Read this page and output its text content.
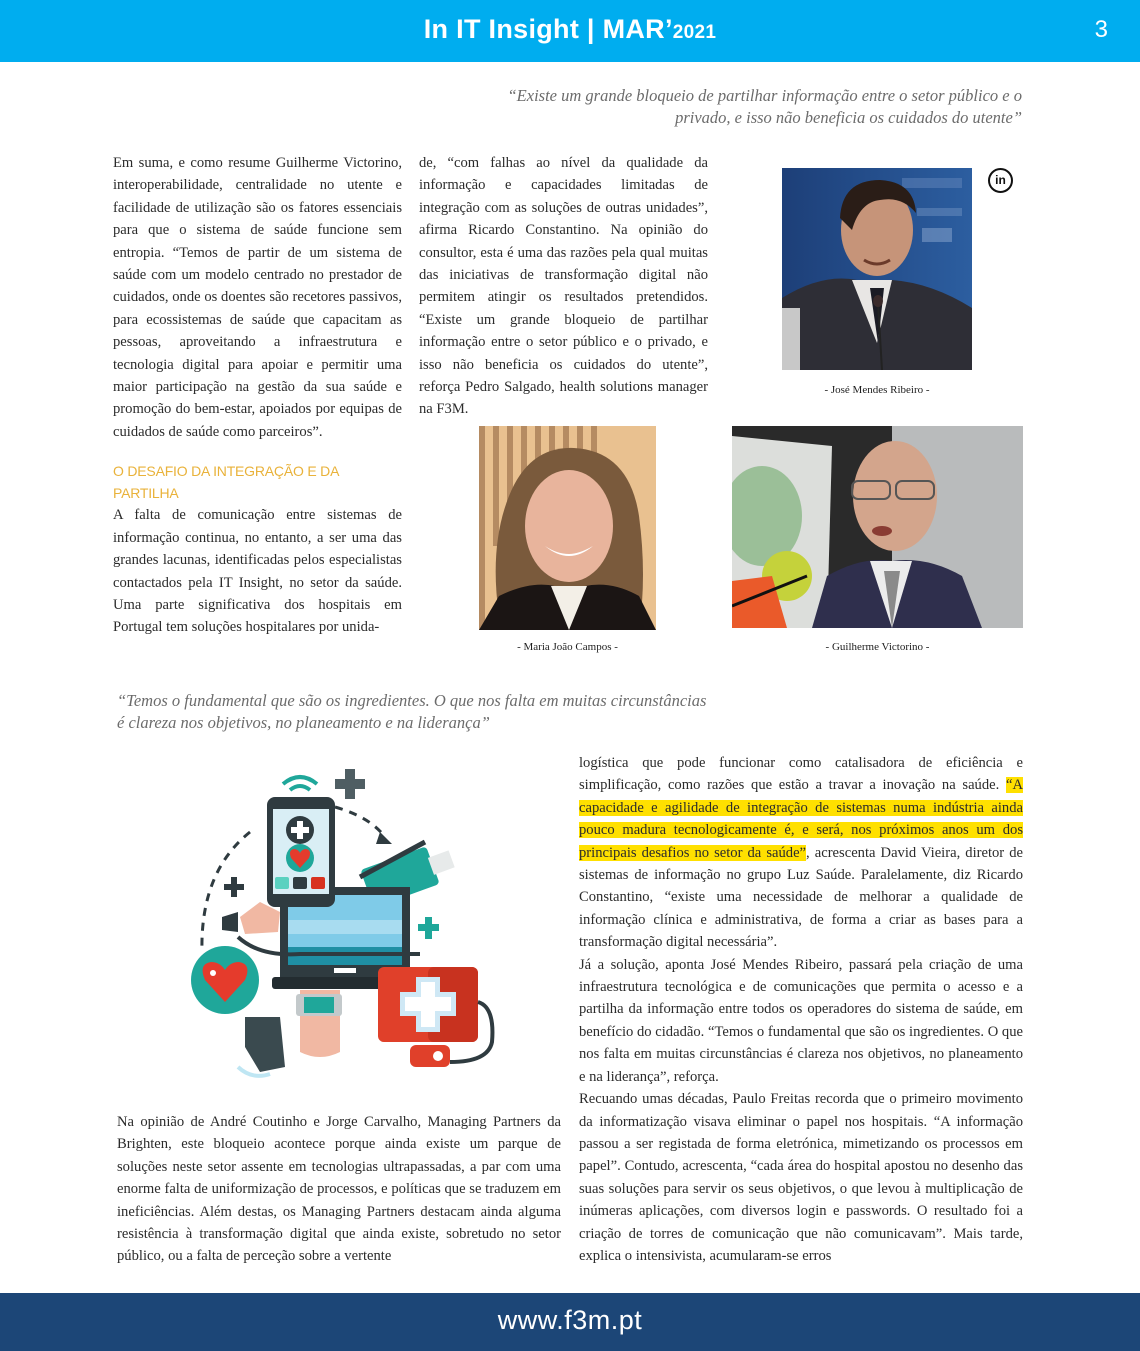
In IT Insight | MAR’2021	3
“Existe um grande bloqueio de partilhar informação entre o setor público e o
privado, e isso não beneficia os cuidados do utente”

Em suma, e como resume Guilherme Victorino, interoperabilidade, centralidade no utente e facilidade de utilização são os fatores essenciais para que o sistema de saúde funcione sem entropia. “Temos de partir de um sistema de saúde com um modelo centrado no prestador de cuidados, onde os doentes são recetores passivos, para ecossistemas de saúde que capacitam as pessoas, aproveitando a infraestrutura e tecnologia digital para apoiar e permitir uma maior participação na gestão da sua saúde e promoção do bem-estar, apoiados por equipas de cuidados de saúde como parceiros”.

O DESAFIO DA INTEGRAÇÃO E DA PARTILHA

A falta de comunicação entre sistemas de informação continua, no entanto, a ser uma das grandes lacunas, identificadas pelos especialistas contactados pela IT Insight, no setor da saúde. Uma parte significativa dos hospitais em Portugal tem soluções hospitalares por unida-

de, “com falhas ao nível da qualidade da informação e capacidades limitadas de integração com as soluções de outras unidades”, afirma Ricardo Constantino. Na opinião do consultor, esta é uma das razões pela qual muitas das iniciativas de transformação digital não permitem atingir os resultados pretendidos. “Existe um grande bloqueio de partilhar informação entre o setor público e o privado, e isso não beneficia os cuidados do utente”, reforça Pedro Salgado, health solutions manager na F3M.

in
- José Mendes Ribeiro -
- Maria João Campos -	- Guilherme Victorino -
“Temos o fundamental que são os ingredientes. O que nos falta em muitas circunstâncias
é clareza nos objetivos, no planeamento e na liderança”

logística que pode funcionar como catalisadora de eficiência e simplificação, como razões que estão a travar a inovação na saúde. “A capacidade e agilidade de integração de sistemas numa indústria ainda pouco madura tecnologicamente é, e será, nos próximos anos um dos principais desafios no setor da saúde”, acrescenta David Vieira, diretor de sistemas de informação no grupo Luz Saúde. Paralelamente, diz Ricardo Constantino, “existe uma necessidade de melhorar a qualidade de informação clínica e administrativa, de forma a criar as bases para a transformação digital necessária”.

Já a solução, aponta José Mendes Ribeiro, passará pela criação de uma infraestrutura tecnológica e de comunicações que permita o acesso e a partilha da informação entre todos os operadores do sistema de saúde, em benefício do cidadão. “Temos o fundamental que são os ingredientes. O que nos falta em muitas circunstâncias é clareza nos objetivos, no planeamento e na liderança”, reforça.

Recuando umas décadas, Paulo Freitas recorda que o primeiro movimento da informatização visava eliminar o papel nos hospitais. “A informação passou a ser registada de forma eletrónica, mimetizando os processos em papel”. Contudo, acrescenta, “cada área do hospital apostou no desenho das suas soluções para servir os seus objetivos, o que levou à multiplicação de inúmeras aplicações, com diversos login e passwords. O resultado foi a criação de torres de comunicação que não comunicavam”. Mais tarde, explica o intensivista, acumularam-se erros

Na opinião de André Coutinho e Jorge Carvalho, Managing Partners da Brighten, este bloqueio acontece porque ainda existe um parque de soluções neste setor assente em tecnologias ultrapassadas, a par com uma enorme falta de uniformização de processos, e políticas que se traduzem em ineficiências. Além destas, os Managing Partners destacam ainda alguma resistência à transformação digital que ainda existe, sobretudo no setor público, ou a falta de perceção sobre a vertente

www.f3m.pt
